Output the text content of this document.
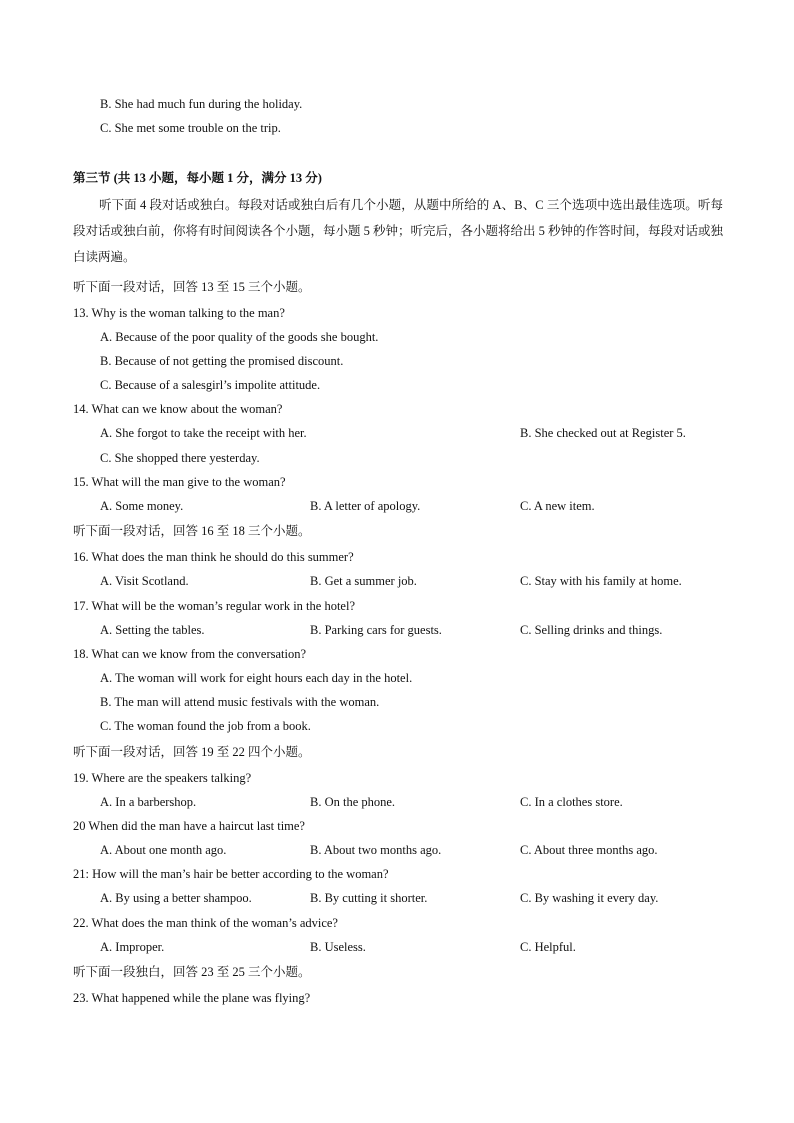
B. She had much fun during the holiday.
C. She met some trouble on the trip.
第三节 (共 13 小题，每小题 1 分，满分 13 分)
听下面 4 段对话或独白。每段对话或独白后有几个小题，从题中所给的 A、B、C 三个选项中选出最佳选项。听每段对话或独白前，你将有时间阅读各个小题，每小题 5 秒钟；听完后，各小题将给出 5 秒钟的作答时间，每段对话或独白读两遍。
听下面一段对话，回答 13 至 15 三个小题。
13. Why is the woman talking to the man?
A. Because of the poor quality of the goods she bought.
B. Because of not getting the promised discount.
C. Because of a salesgirl’s impolite attitude.
14. What can we know about the woman?
A. She forgot to take the receipt with her.	B. She checked out at Register 5.
C. She shopped there yesterday.
15. What will the man give to the woman?
A. Some money.	B. A letter of apology.	C. A new item.
听下面一段对话，回答 16 至 18 三个小题。
16. What does the man think he should do this summer?
A. Visit Scotland.	B. Get a summer job.	C. Stay with his family at home.
17. What will be the woman’s regular work in the hotel?
A. Setting the tables.	B. Parking cars for guests.	C. Selling drinks and things.
18. What can we know from the conversation?
A. The woman will work for eight hours each day in the hotel.
B. The man will attend music festivals with the woman.
C. The woman found the job from a book.
听下面一段对话，回答 19 至 22 四个小题。
19. Where are the speakers talking?
A. In a barbershop.	B. On the phone.	C. In a clothes store.
20 When did the man have a haircut last time?
A. About one month ago.	B. About two months ago.	C. About three months ago.
21: How will the man’s hair be better according to the woman?
A. By using a better shampoo.	B. By cutting it shorter.	C. By washing it every day.
22. What does the man think of the woman’s advice?
A. Improper.	B. Useless.	C. Helpful.
听下面一段独白，回答 23 至 25 三个小题。
23. What happened while the plane was flying?
